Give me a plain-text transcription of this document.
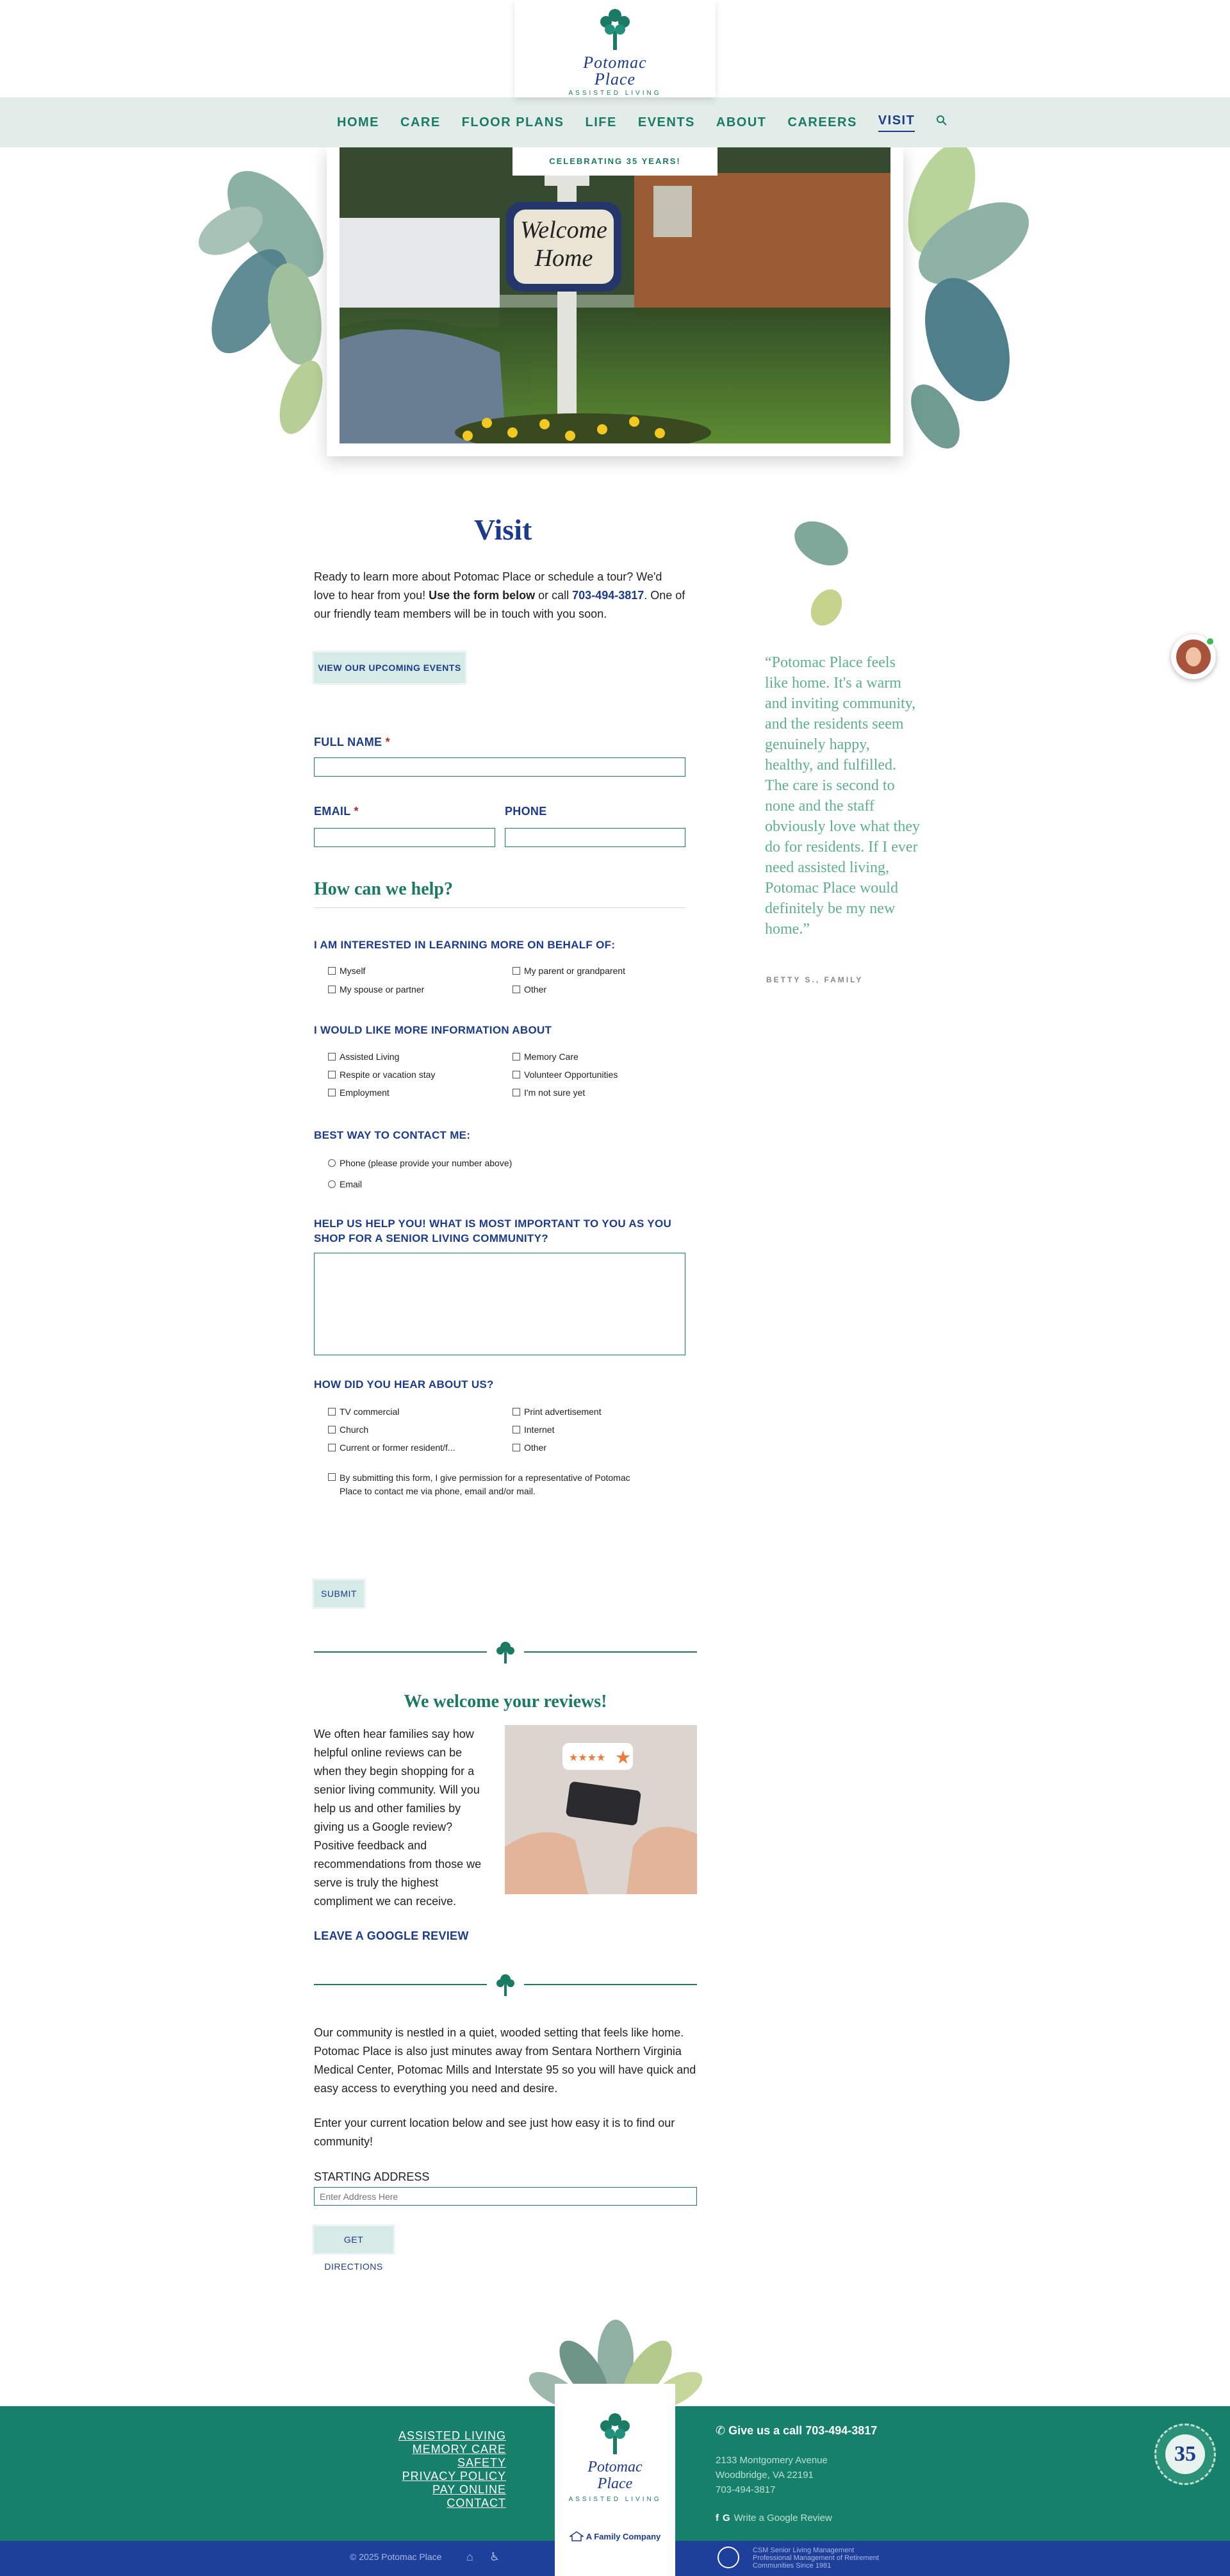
Potomac
Place
ASSISTED LIVING
HOME CARE FLOOR PLANS LIFE EVENTS ABOUT CAREERS VISIT
Welcome
Home
CELEBRATING 35 YEARS!
Visit

Ready to learn more about Potomac Place or schedule a tour? We'd love to hear from you! Use the form below or call 703-494-3817. One of our friendly team members will be in touch with you soon.

VIEW OUR UPCOMING EVENTS
FULL NAME *
EMAIL *	PHONE
How can we help?
I AM INTERESTED IN LEARNING MORE ON BEHALF OF:
Myself	My parent or grandparent
My spouse or partner	Other
I WOULD LIKE MORE INFORMATION ABOUT
Assisted Living	Memory Care
Respite or vacation stay	Volunteer Opportunities
Employment	I'm not sure yet
BEST WAY TO CONTACT ME:
Phone (please provide your number above)
Email
HELP US HELP YOU! WHAT IS MOST IMPORTANT TO YOU AS YOU SHOP FOR A SENIOR LIVING COMMUNITY?
HOW DID YOU HEAR ABOUT US?
TV commercial	Print advertisement
Church	Internet
Current or former resident/f...	Other
By submitting this form, I give permission for a representative of Potomac Place to contact me via phone, email and/or mail.
SUBMIT
“Potomac Place feels like home. It's a warm and inviting community, and the residents seem genuinely happy, healthy, and fulfilled. The care is second to none and the staff obviously love what they do for residents. If I ever need assisted living, Potomac Place would definitely be my new home.”
BETTY S., FAMILY
We welcome your reviews!

We often hear families say how helpful online reviews can be when they begin shopping for a senior living community. Will you help us and other families by giving us a Google review? Positive feedback and recommendations from those we serve is truly the highest compliment we can receive.

★★★★ ★
LEAVE A GOOGLE REVIEW

Our community is nestled in a quiet, wooded setting that feels like home. Potomac Place is also just minutes away from Sentara Northern Virginia Medical Center, Potomac Mills and Interstate 95 so you will have quick and easy access to everything you need and desire.

Enter your current location below and see just how easy it is to find our community!

STARTING ADDRESS
Enter Address Here
GET DIRECTIONS
ASSISTED LIVING
MEMORY CARE
SAFETY
PRIVACY POLICY
PAY ONLINE
CONTACT
Potomac
Place
ASSISTED LIVING
A Family Company
✆ Give us a call 703-494-3817
2133 Montgomery Avenue
Woodbridge, VA 22191
703-494-3817
f G Write a Google Review
35
© 2025 Potomac Place ⌂ ♿	CSM Senior Living Management
Professional Management of Retirement
Communities Since 1981
